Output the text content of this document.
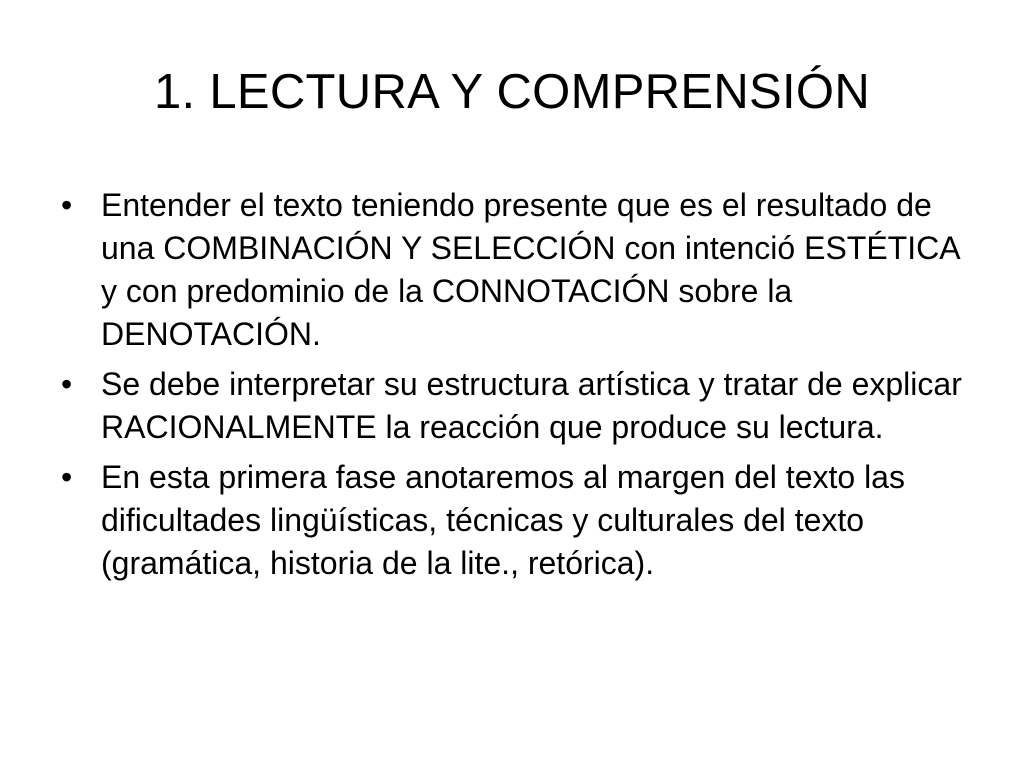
1. LECTURA Y COMPRENSIÓN
• Entender el texto teniendo presente que es el resultado de una COMBINACIÓN Y SELECCIÓN con intenció ESTÉTICA y con predominio de la CONNOTACIÓN sobre la DENOTACIÓN.
• Se debe interpretar su estructura artística y tratar de explicar RACIONALMENTE la reacción que produce su lectura.
• En esta primera fase anotaremos al margen del texto las dificultades lingüísticas, técnicas y culturales del texto (gramática, historia de la lite., retórica).
